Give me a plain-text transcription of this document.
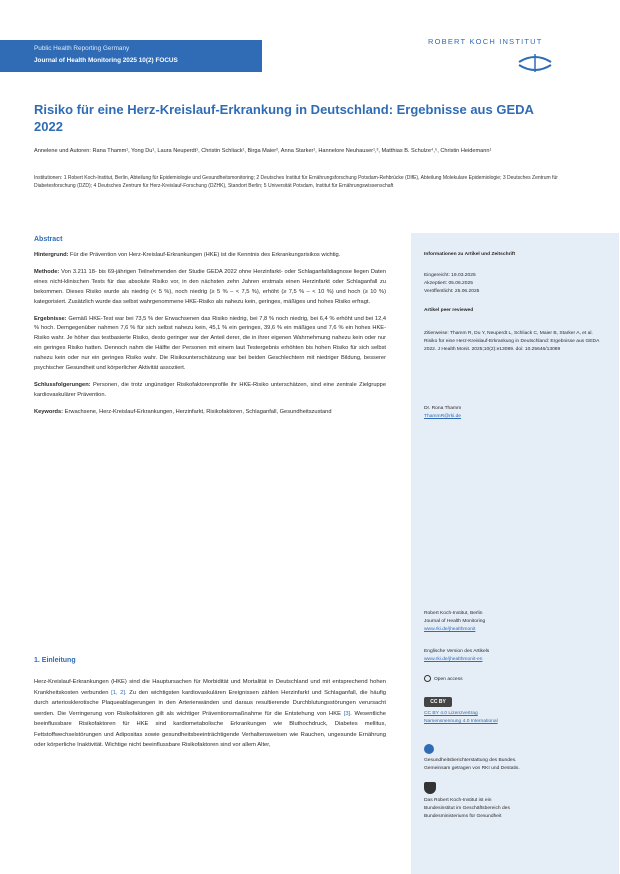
Public Health Reporting Germany
Journal of Health Monitoring 2025 10(2) FOCUS
ROBERT KOCH INSTITUT
Risiko für eine Herz-Kreislauf-Erkrankung in Deutschland: Ergebnisse aus GEDA 2022

Annelene und Autoren: Rana Thamm¹, Yong Du¹, Laura Neuperdt¹, Christin Schliack¹, Birga Maier², Anna Starker¹, Hannelore Neuhauser¹,³, Matthias B. Schulze⁴,⁵, Christin Heidemann¹

Institutionen: 1 Robert Koch-Institut, Berlin, Abteilung für Epidemiologie und Gesundheitsmonitoring; 2 Deutsches Institut für Ernährungsforschung Potsdam-Rehbrücke (DIfE), Abteilung Molekulare Epidemiologie; 3 Deutsches Zentrum für Diabetesforschung (DZD); 4 Deutsches Zentrum für Herz-Kreislauf-Forschung (DZHK), Standort Berlin; 5 Universität Potsdam, Institut für Ernährungswissenschaft

Abstract

Hintergrund: Für die Prävention von Herz-Kreislauf-Erkrankungen (HKE) ist die Kenntnis des Erkrankungsrisikos wichtig.

Methode: Von 3.211 18- bis 69-jährigen Teilnehmenden der Studie GEDA 2022 ohne Herzinfarkt- oder Schlaganfalldiagnose liegen Daten eines nicht-klinischen Tests für das absolute Risiko vor, in den nächsten zehn Jahren erstmals einen Herzinfarkt oder Schlaganfall zu bekommen. Dieses Risiko wurde als niedrig (< 5 %), noch niedrig (≥ 5 % – < 7,5 %), erhöht (≥ 7,5 % – < 10 %) und hoch (≥ 10 %) kategorisiert. Zusätzlich wurde das selbst wahrgenommene HKE-Risiko als nahezu kein, geringes, mäßiges und hohes Risiko erfragt.

Ergebnisse: Gemäß HKE-Test war bei 73,5 % der Erwachsenen das Risiko niedrig, bei 7,8 % noch niedrig, bei 6,4 % erhöht und bei 12,4 % hoch. Demgegenüber nahmen 7,6 % für sich selbst nahezu kein, 45,1 % ein geringes, 39,6 % ein mäßiges und 7,6 % ein hohes HKE-Risiko wahr. Je höher das testbasierte Risiko, desto geringer war der Anteil derer, die in ihrer eigenen Wahrnehmung nahezu kein oder nur ein geringes Risiko hatten. Dennoch nahm die Hälfte der Personen mit einem laut Testergebnis erhöhten bis hohen Risiko für sich selbst nahezu kein oder nur ein geringes Risiko wahr. Die Risikounterschätzung war bei beiden Geschlechtern mit niedriger Bildung, besserer psychischer Gesundheit und körperlicher Aktivität assoziiert.

Schlussfolgerungen: Personen, die trotz ungünstiger Risikofaktorenprofile ihr HKE-Risiko unterschätzen, sind eine zentrale Zielgruppe kardiovaskulärer Prävention.

Keywords: Erwachsene, Herz-Kreislauf-Erkrankungen, Herzinfarkt, Risikofaktoren, Schlaganfall, Gesundheitszustand

1. Einleitung

Herz-Kreislauf-Erkrankungen (HKE) sind die Hauptursachen für Morbidität und Mortalität in Deutschland und mit entsprechend hohen Krankheitskosten verbunden [1, 2]. Zu den wichtigsten kardiovaskulären Ereignissen zählen Herzinfarkt und Schlaganfall, die häufig durch arteriosklerotische Plaqueablagerungen in den Arterienwänden und daraus resultierende Durchblutungsstörungen verursacht werden. Die Verringerung von Risikofaktoren gilt als wichtiger Präventionsmaßnahme für die Entstehung von HKE [3]. Wesentliche beeinflussbare Risikofaktoren für HKE sind kardiometabolische Erkrankungen wie Bluthochdruck, Diabetes mellitus, Fettstoffwechselstörungen und Adipositas sowie gesundheitsbeeinträchtigende Verhaltensweisen wie Rauchen, ungesunde Ernährung oder körperliche Inaktivität. Wichtige nicht beeinflussbare Risikofaktoren sind vor allem Alter,

Informationen zu Artikel und Zeitschrift

Eingereicht: 19.03.2025
Akzeptiert: 05.06.2025
Veröffentlicht: 25.06.2025

Artikel peer reviewed

Zitierweise: Thamm R, Du Y, Neuperdt L, Schliack C, Maier B, Starker A, et al. Risiko für eine Herz-Kreislauf-Erkrankung in Deutschland: Ergebnisse aus GEDA 2022. J Health Monit. 2025;10(2):e13089. doi: 10.25646/13089

Dr. Rona Thamm

ThammR@rki.de

Robert Koch-Institut, Berlin
Journal of Health Monitoring

www.rki.de/jhealthmonit

Englische Version des Artikels

www.rki.de/jhealthmonit-en

Open access

CC BY
CC BY 4.0 Lizenzvertrag
Namensnennung 4.0 International
Gesundheitsberichterstattung des Bundes.
Gemeinsam getragen von RKI und Destatis.
Das Robert Koch-Institut ist ein
Bundesinstitut im Geschäftsbereich des
Bundesministeriums für Gesundheit
